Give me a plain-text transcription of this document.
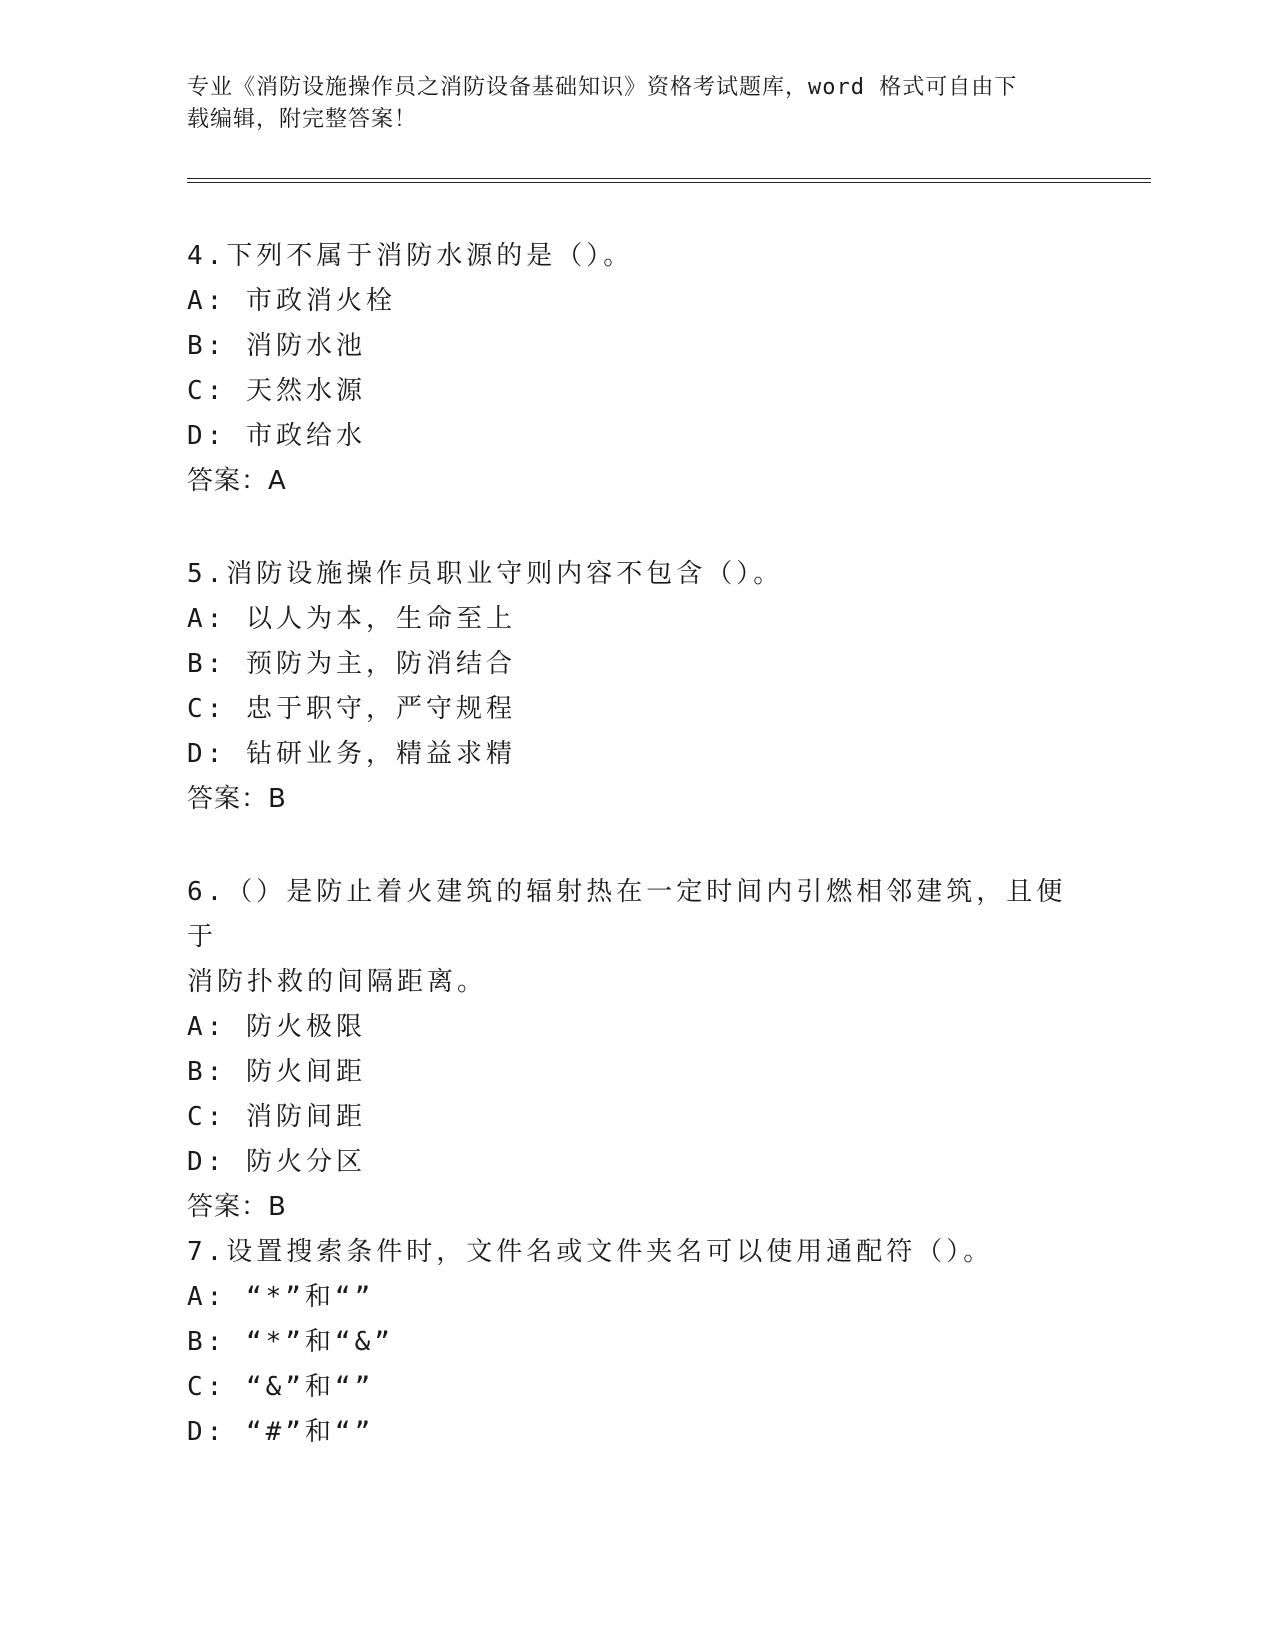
专业《消防设施操作员之消防设备基础知识》资格考试题库，word 格式可自由下
载编辑，附完整答案！
4.下列不属于消防水源的是（）。
A: 市政消火栓
B: 消防水池
C: 天然水源
D: 市政给水
答案：A
5.消防设施操作员职业守则内容不包含（）。
A: 以人为本，生命至上
B: 预防为主，防消结合
C: 忠于职守，严守规程
D: 钻研业务，精益求精
答案：B
6.（）是防止着火建筑的辐射热在一定时间内引燃相邻建筑，且便于
消防扑救的间隔距离。
A: 防火极限
B: 防火间距
C: 消防间距
D: 防火分区
答案：B
7.设置搜索条件时，文件名或文件夹名可以使用通配符（）。
A: “*”和“”
B: “*”和“&”
C: “&”和“”
D: “#”和“”
